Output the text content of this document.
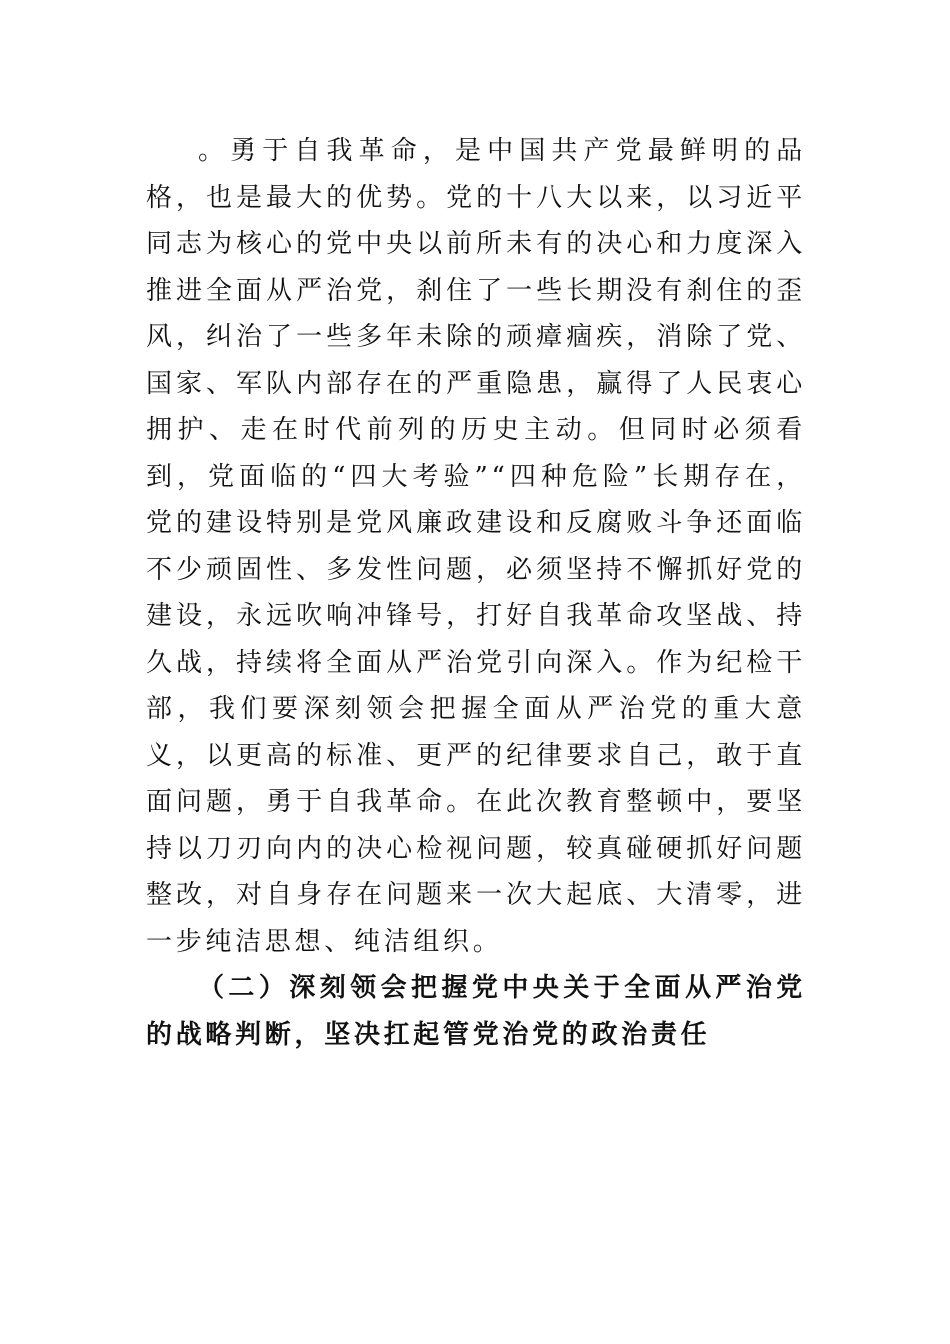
。勇于自我革命，是中国共产党最鲜明的品格，也是最大的优势。党的十八大以来，以习近平同志为核心的党中央以前所未有的决心和力度深入推进全面从严治党，刹住了一些长期没有刹住的歪风，纠治了一些多年未除的顽瘴痼疾，消除了党、国家、军队内部存在的严重隐患，赢得了人民衷心拥护、走在时代前列的历史主动。但同时必须看到，党面临的“四大考验”“四种危险”长期存在，党的建设特别是党风廉政建设和反腐败斗争还面临不少顽固性、多发性问题，必须坚持不懈抓好党的建设，永远吹响冲锋号，打好自我革命攻坚战、持久战，持续将全面从严治党引向深入。作为纪检干部，我们要深刻领会把握全面从严治党的重大意义，以更高的标准、更严的纪律要求自己，敢于直面问题，勇于自我革命。在此次教育整顿中，要坚持以刀刃向内的决心检视问题，较真碰硬抓好问题整改，对自身存在问题来一次大起底、大清零，进一步纯洁思想、纯洁组织。

（二）深刻领会把握党中央关于全面从严治党的战略判断，坚决扛起管党治党的政治责任
